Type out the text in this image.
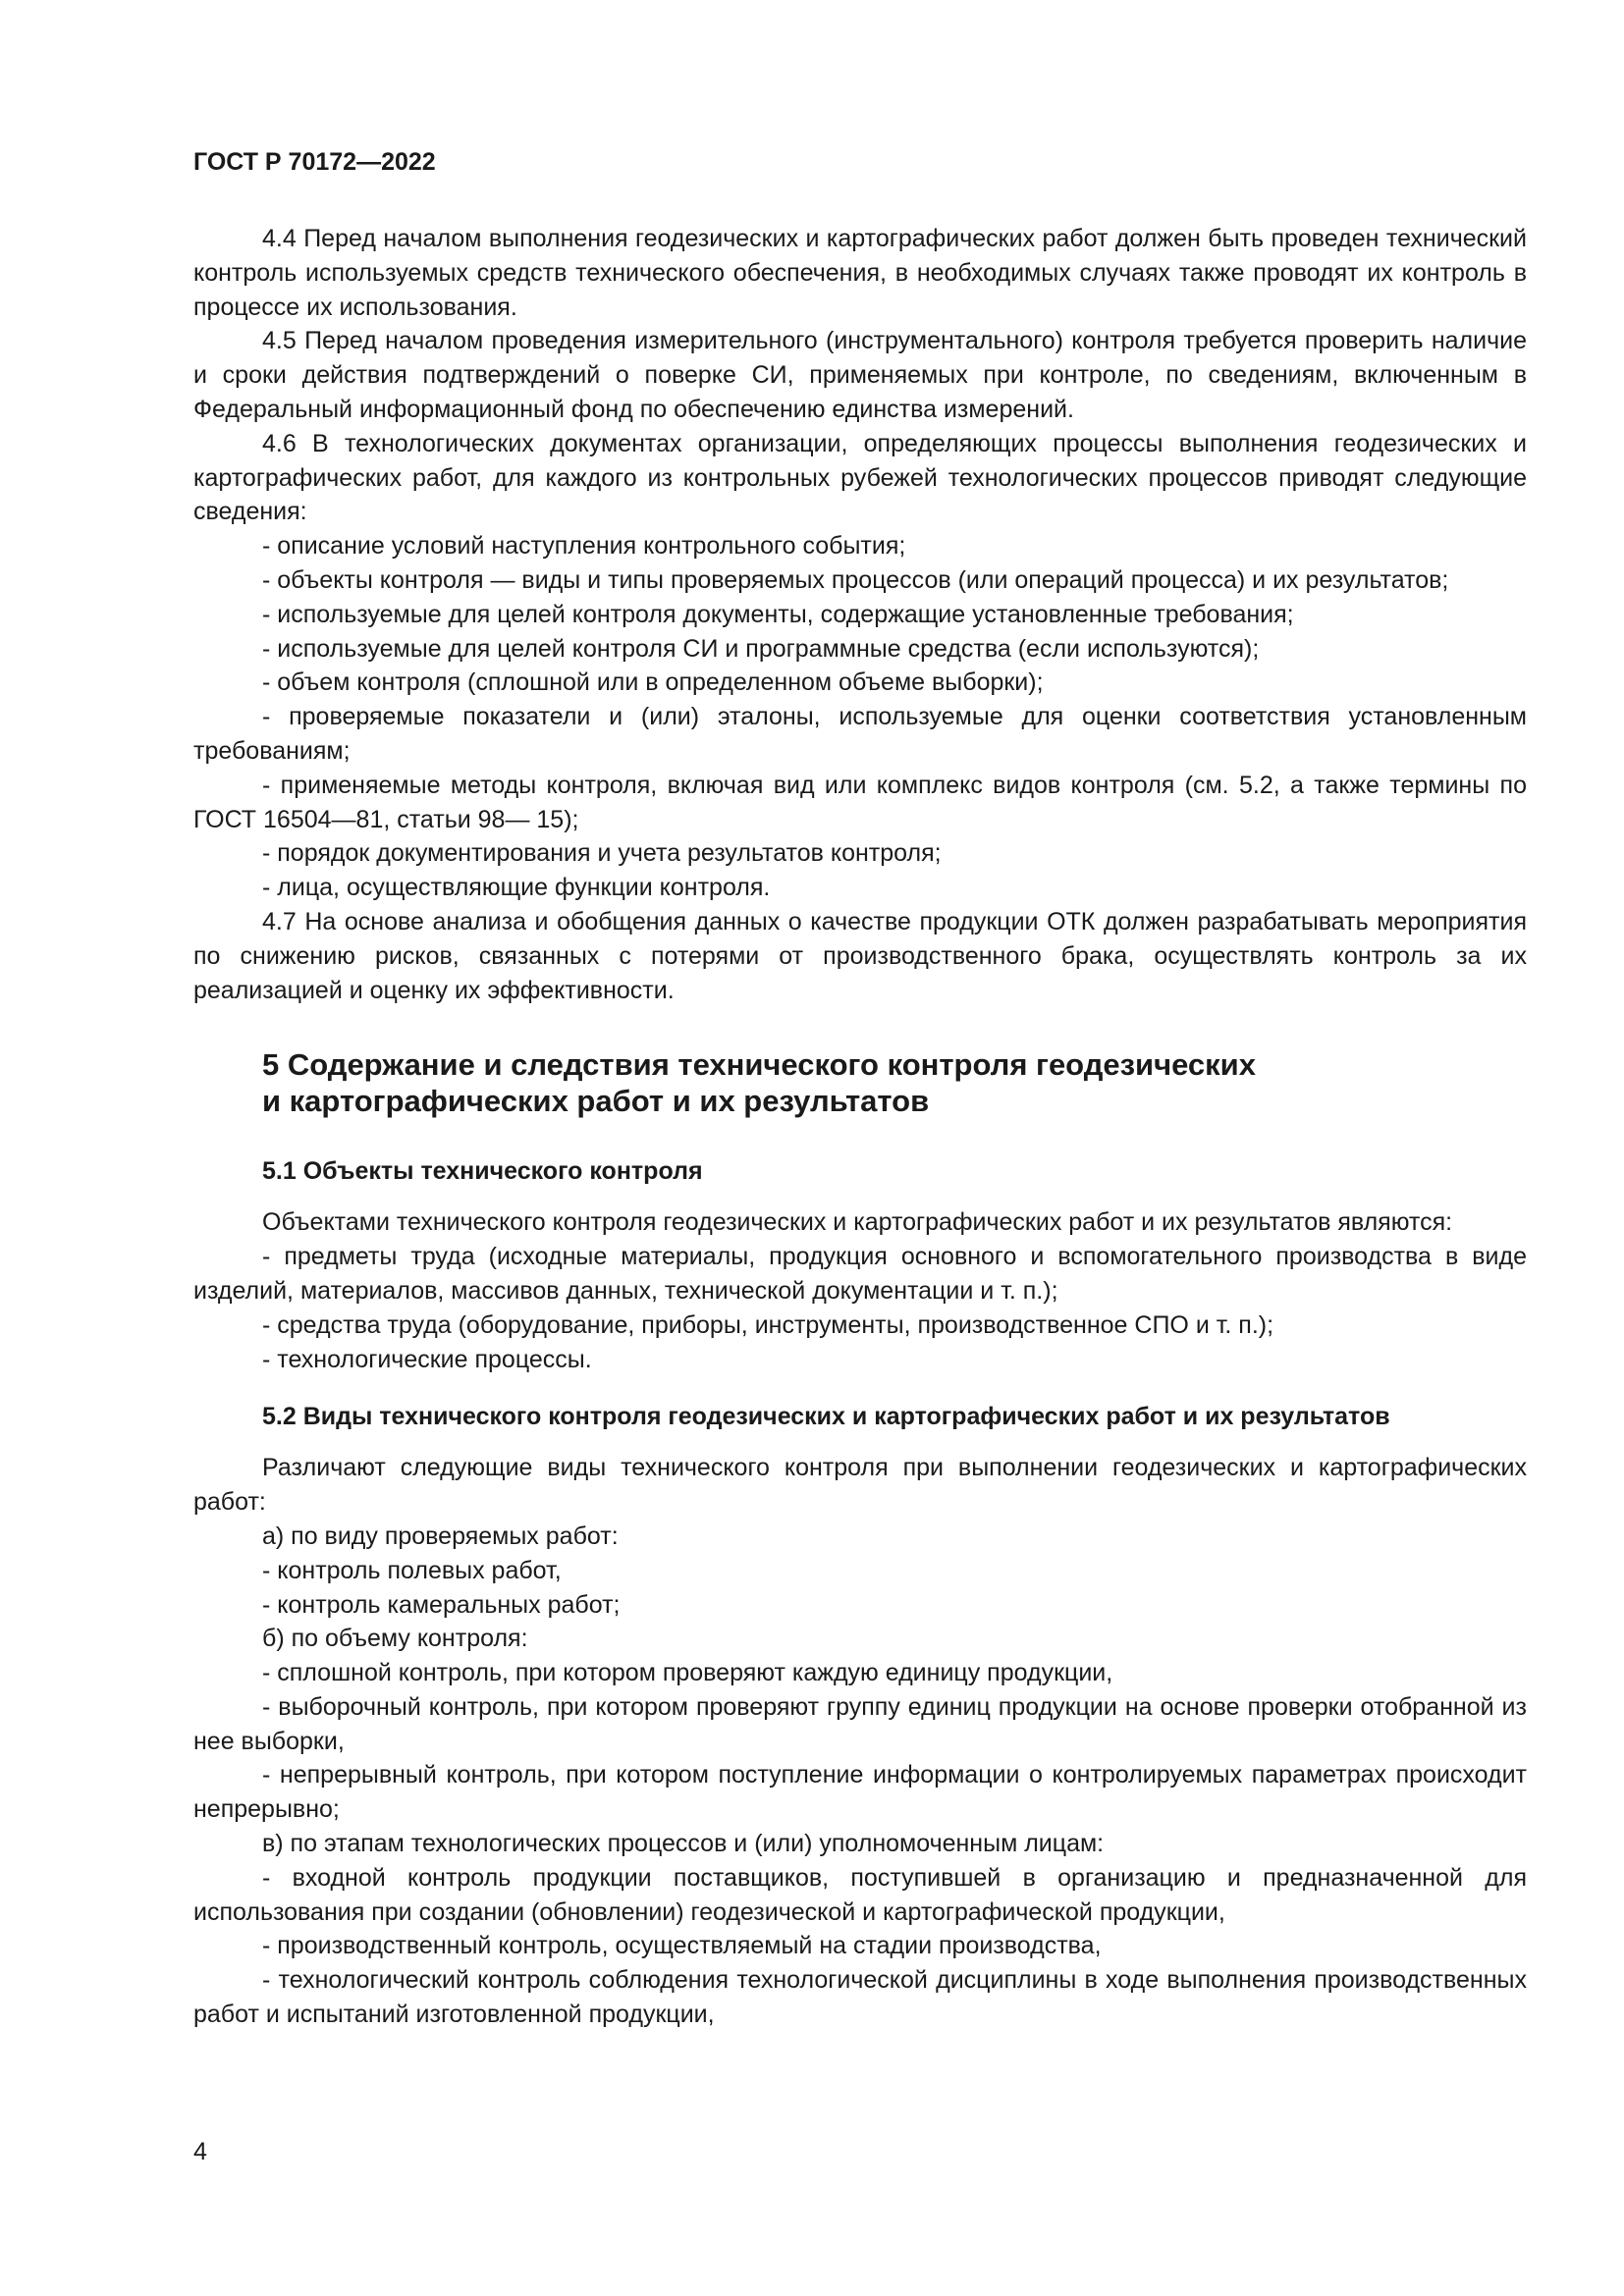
ГОСТ Р 70172—2022

4.4 Перед началом выполнения геодезических и картографических работ должен быть проведен технический контроль используемых средств технического обеспечения, в необходимых случаях также проводят их контроль в процессе их использования.

4.5 Перед началом проведения измерительного (инструментального) контроля требуется проверить наличие и сроки действия подтверждений о поверке СИ, применяемых при контроле, по сведениям, включенным в Федеральный информационный фонд по обеспечению единства измерений.

4.6 В технологических документах организации, определяющих процессы выполнения геодезических и картографических работ, для каждого из контрольных рубежей технологических процессов приводят следующие сведения:

- описание условий наступления контрольного события;

- объекты контроля — виды и типы проверяемых процессов (или операций процесса) и их результатов;

- используемые для целей контроля документы, содержащие установленные требования;

- используемые для целей контроля СИ и программные средства (если используются);

- объем контроля (сплошной или в определенном объеме выборки);

- проверяемые показатели и (или) эталоны, используемые для оценки соответствия установленным требованиям;

- применяемые методы контроля, включая вид или комплекс видов контроля (см. 5.2, а также термины по ГОСТ 16504—81, статьи 98— 15);

- порядок документирования и учета результатов контроля;

- лица, осуществляющие функции контроля.

4.7 На основе анализа и обобщения данных о качестве продукции ОТК должен разрабатывать мероприятия по снижению рисков, связанных с потерями от производственного брака, осуществлять контроль за их реализацией и оценку их эффективности.

5 Содержание и следствия технического контроля геодезических
и картографических работ и их результатов
5.1 Объекты технического контроля

Объектами технического контроля геодезических и картографических работ и их результатов являются:

- предметы труда (исходные материалы, продукция основного и вспомогательного производства в виде изделий, материалов, массивов данных, технической документации и т. п.);

- средства труда (оборудование, приборы, инструменты, производственное СПО и т. п.);

- технологические процессы.

5.2 Виды технического контроля геодезических и картографических работ и их результатов

Различают следующие виды технического контроля при выполнении геодезических и картографических работ:

а) по виду проверяемых работ:

- контроль полевых работ,

- контроль камеральных работ;

б) по объему контроля:

- сплошной контроль, при котором проверяют каждую единицу продукции,

- выборочный контроль, при котором проверяют группу единиц продукции на основе проверки отобранной из нее выборки,

- непрерывный контроль, при котором поступление информации о контролируемых параметрах происходит непрерывно;

в) по этапам технологических процессов и (или) уполномоченным лицам:

- входной контроль продукции поставщиков, поступившей в организацию и предназначенной для использования при создании (обновлении) геодезической и картографической продукции,

- производственный контроль, осуществляемый на стадии производства,

- технологический контроль соблюдения технологической дисциплины в ходе выполнения производственных работ и испытаний изготовленной продукции,

4
